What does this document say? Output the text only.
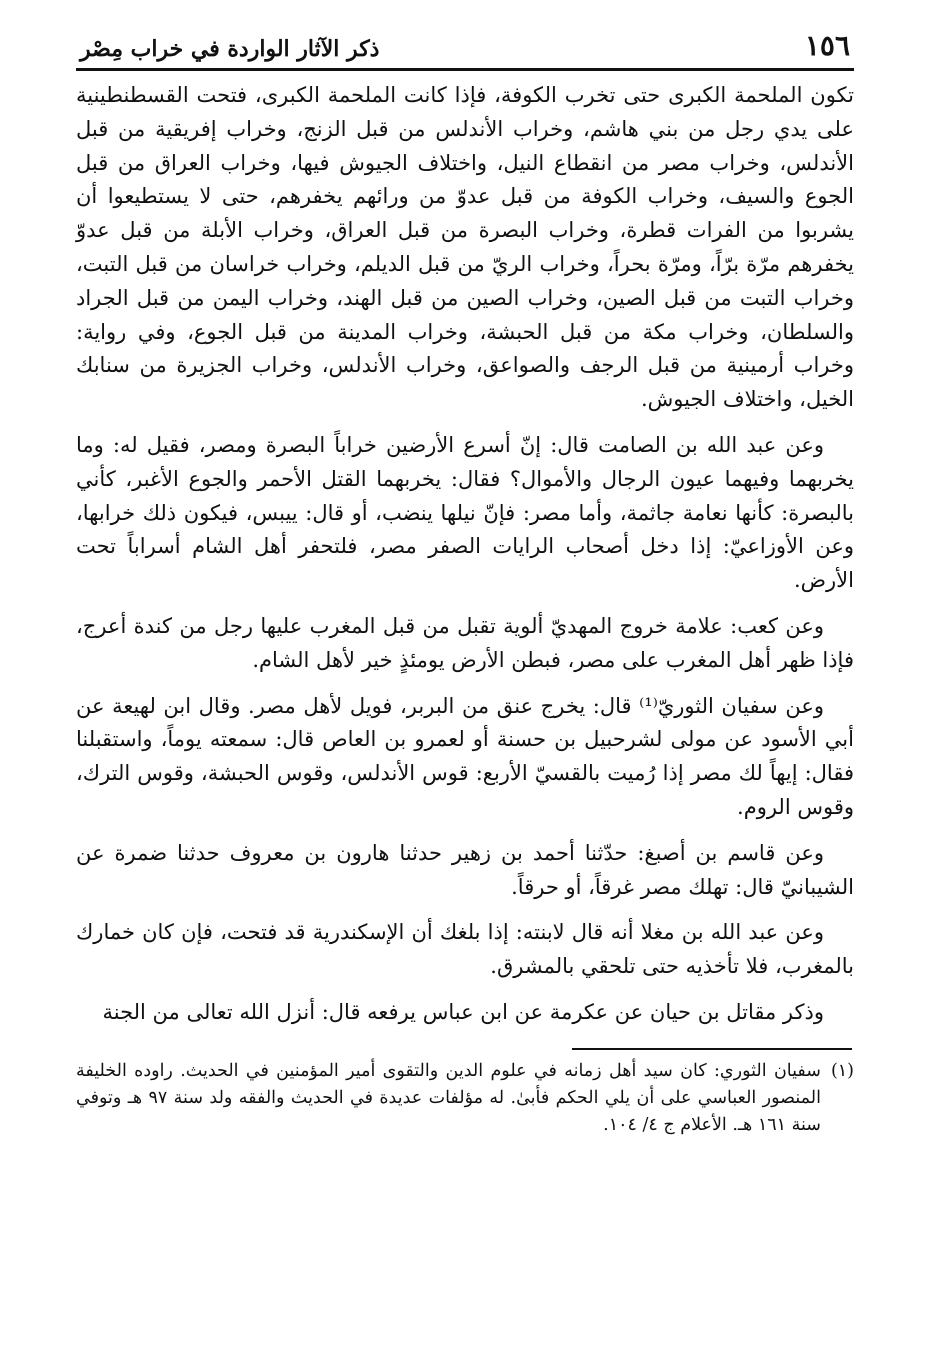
١٥٦
ذكر الآثار الواردة في خراب مِصْر

تكون الملحمة الكبرى حتى تخرب الكوفة، فإذا كانت الملحمة الكبرى، فتحت القسطنطينية على يدي رجل من بني هاشم، وخراب الأندلس من قبل الزنج، وخراب إفريقية من قبل الأندلس، وخراب مصر من انقطاع النيل، واختلاف الجيوش فيها، وخراب العراق من قبل الجوع والسيف، وخراب الكوفة من قبل عدوّ من ورائهم يخفرهم، حتى لا يستطيعوا أن يشربوا من الفرات قطرة، وخراب البصرة من قبل العراق، وخراب الأبلة من قبل عدوّ يخفرهم مرّة برّاً، ومرّة بحراً، وخراب الريّ من قبل الديلم، وخراب خراسان من قبل التبت، وخراب التبت من قبل الصين، وخراب الصين من قبل الهند، وخراب اليمن من قبل الجراد والسلطان، وخراب مكة من قبل الحبشة، وخراب المدينة من قبل الجوع، وفي رواية: وخراب أرمينية من قبل الرجف والصواعق، وخراب الأندلس، وخراب الجزيرة من سنابك الخيل، واختلاف الجيوش.

وعن عبد الله بن الصامت قال: إنّ أسرع الأرضين خراباً البصرة ومصر، فقيل له: وما يخربهما وفيهما عيون الرجال والأموال؟ فقال: يخربهما القتل الأحمر والجوع الأغبر، كأني بالبصرة: كأنها نعامة جاثمة، وأما مصر: فإنّ نيلها ينضب، أو قال: ييبس، فيكون ذلك خرابها، وعن الأوزاعيّ: إذا دخل أصحاب الرايات الصفر مصر، فلتحفر أهل الشام أسراباً تحت الأرض.

وعن كعب: علامة خروج المهديّ ألوية تقبل من قبل المغرب عليها رجل من كندة أعرج، فإذا ظهر أهل المغرب على مصر، فبطن الأرض يومئذٍ خير لأهل الشام.

وعن سفيان الثوريّ⁽¹⁾ قال: يخرج عنق من البربر، فويل لأهل مصر. وقال ابن لهيعة عن أبي الأسود عن مولى لشرحبيل بن حسنة أو لعمرو بن العاص قال: سمعته يوماً، واستقبلنا فقال: إيهاً لك مصر إذا رُميت بالقسيّ الأربع: قوس الأندلس، وقوس الحبشة، وقوس الترك، وقوس الروم.

وعن قاسم بن أصبغ: حدّثنا أحمد بن زهير حدثنا هارون بن معروف حدثنا ضمرة عن الشيبانيّ قال: تهلك مصر غرقاً، أو حرقاً.

وعن عبد الله بن مغلا أنه قال لابنته: إذا بلغك أن الإسكندرية قد فتحت، فإن كان خمارك بالمغرب، فلا تأخذيه حتى تلحقي بالمشرق.

وذكر مقاتل بن حيان عن عكرمة عن ابن عباس يرفعه قال: أنزل الله تعالى من الجنة

(١)
سفيان الثوري: كان سيد أهل زمانه في علوم الدين والتقوى أمير المؤمنين في الحديث. راوده الخليفة المنصور العباسي على أن يلي الحكم فأبىٰ. له مؤلفات عديدة في الحديث والفقه ولد سنة ٩٧ هـ وتوفي سنة ١٦١ هـ. الأعلام ج ٤/ ١٠٤.
